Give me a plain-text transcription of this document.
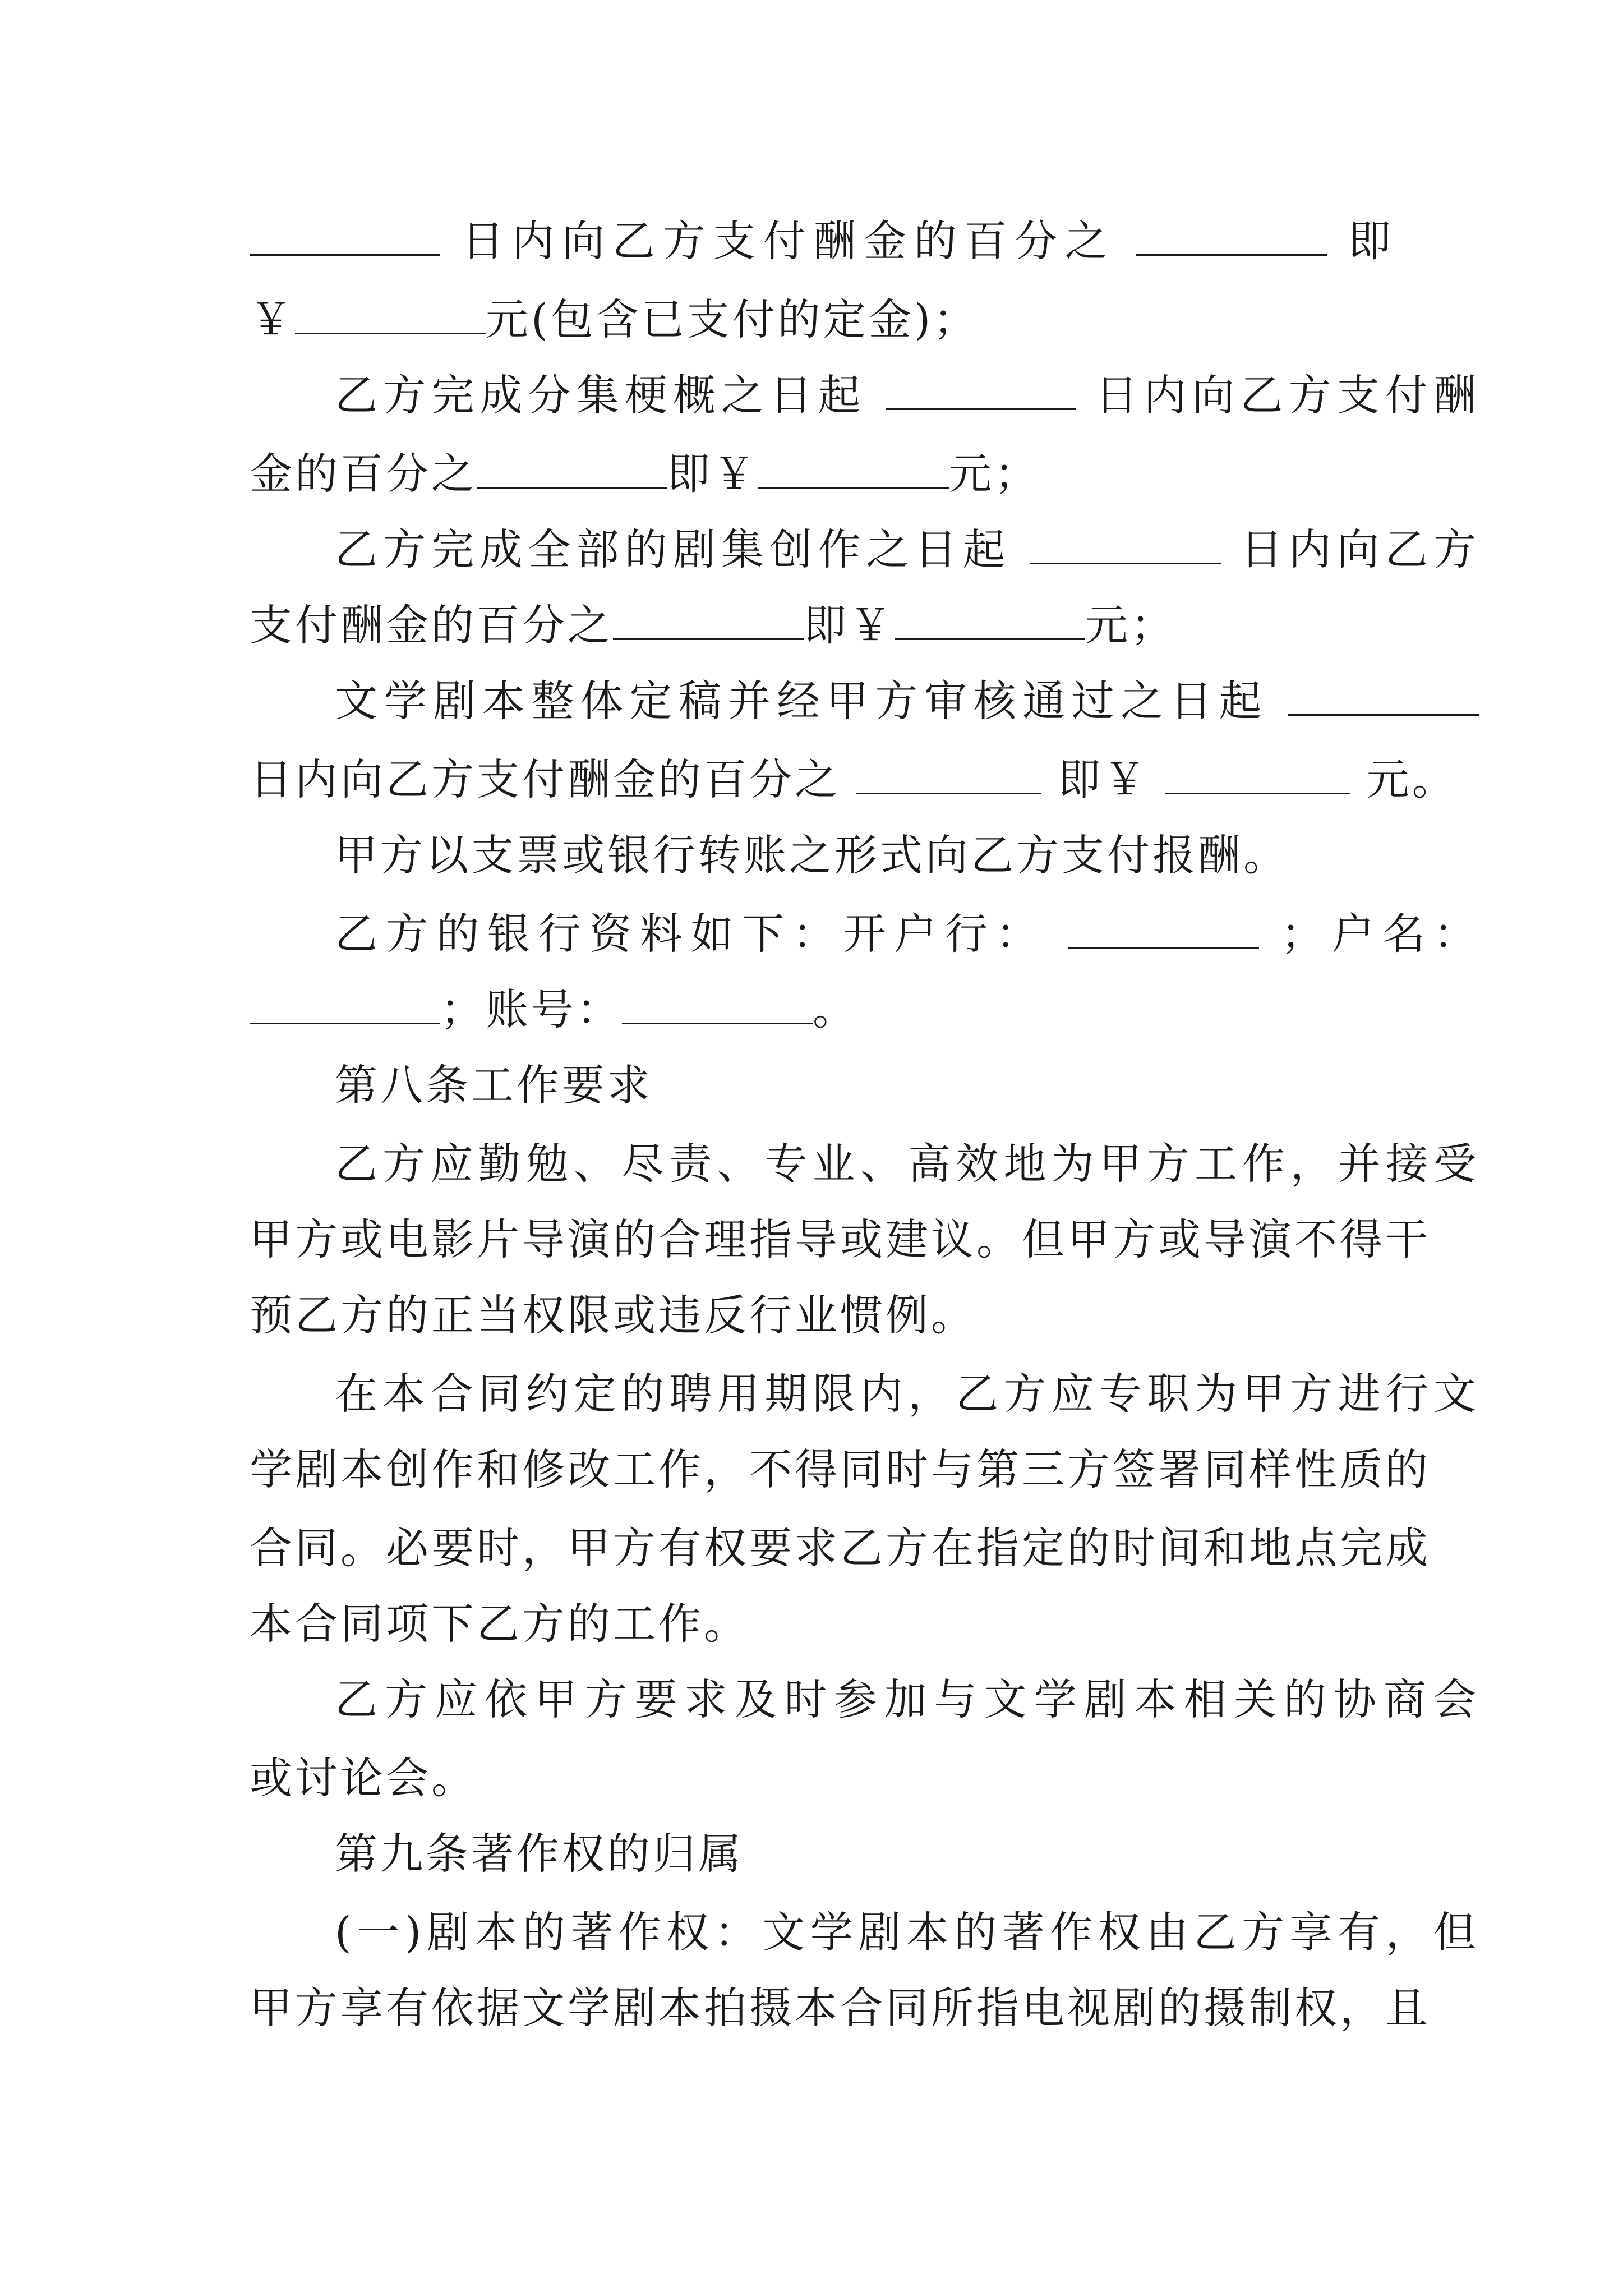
日内向乙方支付酬金的百分之	即
￥	元(包含已支付的定金)；
乙方完成分集梗概之日起	日内向乙方支付酬
金的百分之	即￥	元；
乙方完成全部的剧集创作之日起	日内向乙方
支付酬金的百分之	即￥	元；
文学剧本整体定稿并经甲方审核通过之日起
日内向乙方支付酬金的百分之	即￥	元。
甲方以支票或银行转账之形式向乙方支付报酬。
乙方的银行资料如下：开户行：	；户名：
；账号：	。
第八条工作要求
乙方应勤勉、尽责、专业、高效地为甲方工作，并接受
甲方或电影片导演的合理指导或建议。但甲方或导演不得干
预乙方的正当权限或违反行业惯例。
在本合同约定的聘用期限内，乙方应专职为甲方进行文
学剧本创作和修改工作，不得同时与第三方签署同样性质的
合同。必要时，甲方有权要求乙方在指定的时间和地点完成
本合同项下乙方的工作。
乙方应依甲方要求及时参加与文学剧本相关的协商会
或讨论会。
第九条著作权的归属
(一)剧本的著作权：文学剧本的著作权由乙方享有，但
甲方享有依据文学剧本拍摄本合同所指电视剧的摄制权，且
